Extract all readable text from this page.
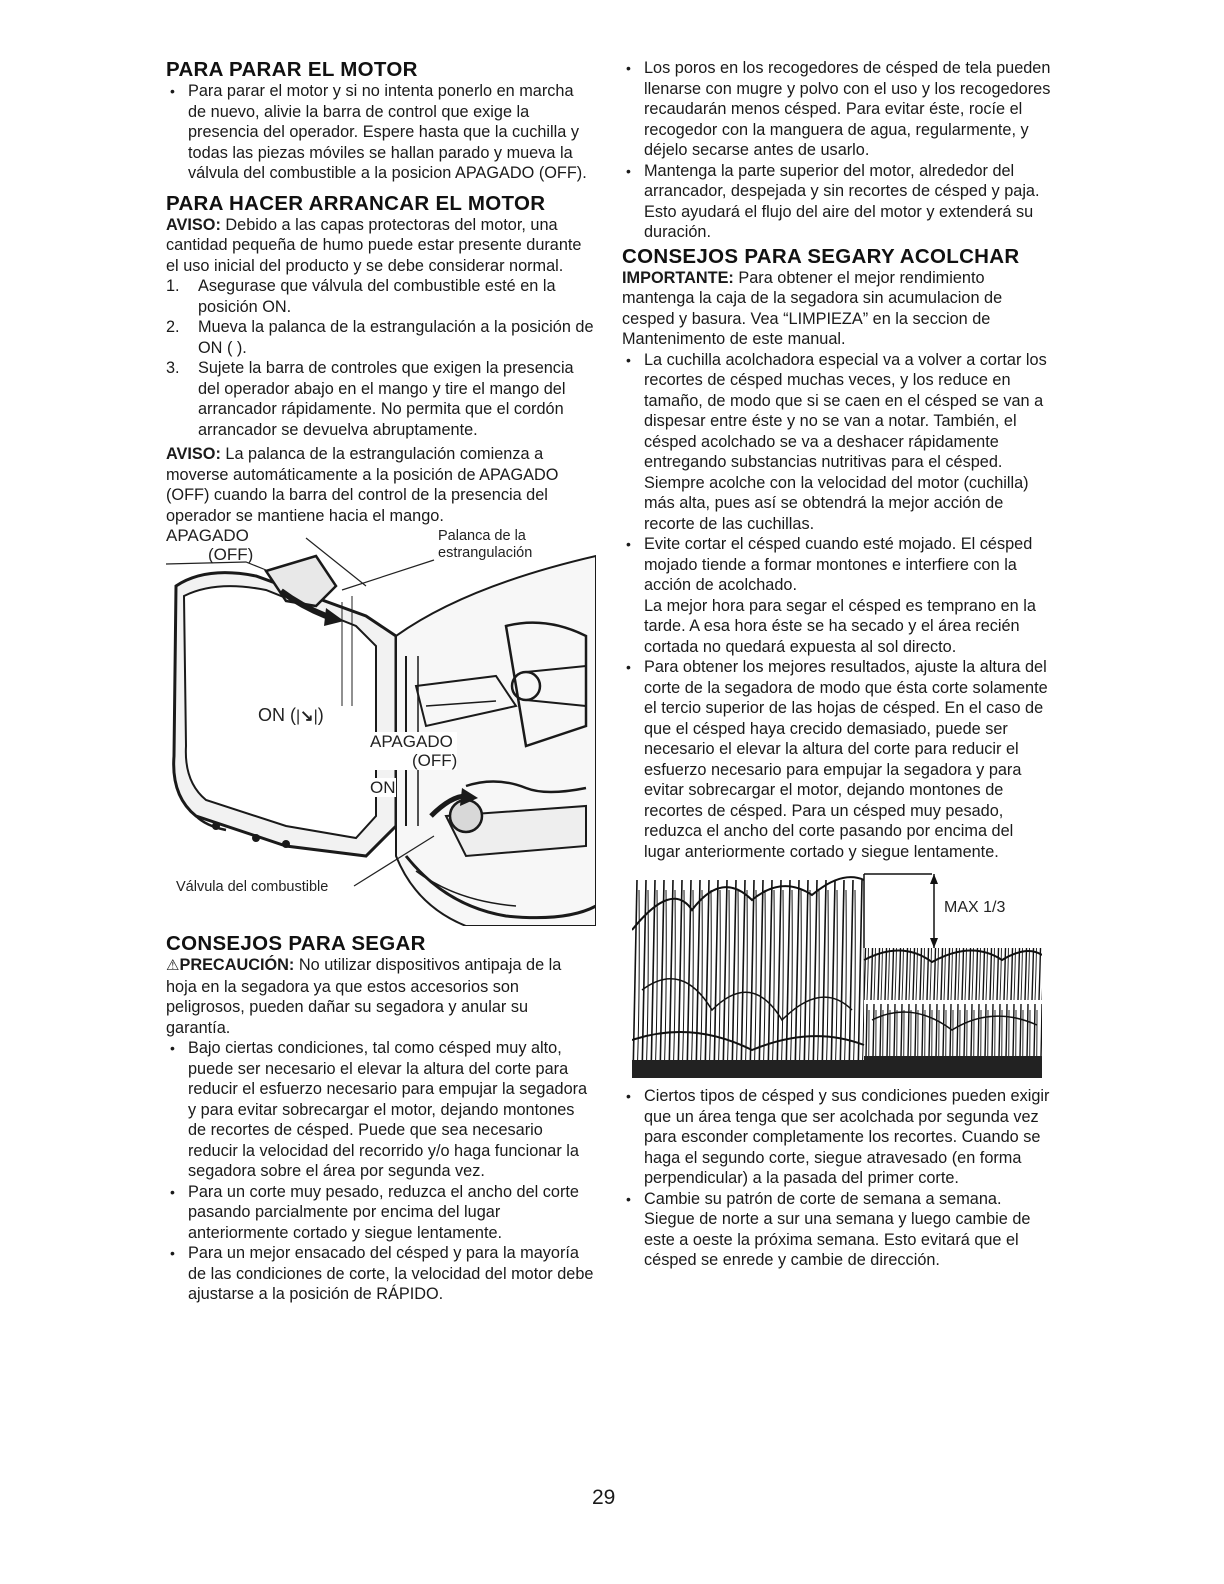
PARA PARAR EL MOTOR
• Para parar el motor y si no intenta ponerlo en marcha de nuevo, alivie la barra de control que exige la presencia del operador. Espere hasta que la cuchilla y todas las piezas móviles se hallan parado y mueva la válvula del combustible a la posicion APAGADO (OFF).
PARA HACER ARRANCAR EL MOTOR

AVISO: Debido a las capas protectoras del motor, una cantidad pequeña de humo puede estar presente durante el uso inicial del producto y se debe considerar normal.

1. Asegurase que válvula del combustible esté en la posición ON.
2. Mueva la palanca de la estrangulación a la posición de ON ( ).
3. Sujete la barra de controles que exigen la presencia del operador abajo en el mango y tire el mango del arrancador rápidamente. No permita que el cordón arrancador se devuelva abruptamente.

AVISO: La palanca de la estrangulación comienza a moverse automáticamente a la posición de APAGADO (OFF) cuando la barra del control de la presencia del operador se mantiene hacia el mango.

APAGADO
(OFF)
Palanca de la
estrangulación
ON (|↘|)
APAGADO
(OFF)
ON
Válvula del combustible
CONSEJOS PARA SEGAR

⚠PRECAUCIÓN: No utilizar dispositivos antipaja de la hoja en la segadora ya que estos accesorios son peligrosos, pueden dañar su segadora y anular su garantía.

• Bajo ciertas condiciones, tal como césped muy alto, puede ser necesario el elevar la altura del corte para reducir el esfuerzo necesario para empujar la segadora y para evitar sobrecargar el motor, dejando montones de recortes de césped. Puede que sea necesario reducir la velocidad del recorrido y/o haga funcionar la segadora sobre el área por segunda vez.
• Para un corte muy pesado, reduzca el ancho del corte pasando parcialmente por encima del lugar anteriormente cortado y siegue lentamente.
• Para un mejor ensacado del césped y para la mayoría de las condiciones de corte, la velocidad del motor debe ajustarse a la posición de RÁPIDO.
• Los poros en los recogedores de césped de tela pueden llenarse con mugre y polvo con el uso y los recogedores recaudarán menos césped. Para evitar éste, rocíe el recogedor con la manguera de agua, regularmente, y déjelo secarse antes de usarlo.
• Mantenga la parte superior del motor, alrededor del arrancador, despejada y sin recortes de césped y paja. Esto ayudará el flujo del aire del motor y extenderá su duración.
CONSEJOS PARA SEGARY ACOLCHAR

IMPORTANTE: Para obtener el mejor rendimiento mantenga la caja de la segadora sin acumulacion de cesped y basura. Vea “LIMPIEZA” en la seccion de Mantenimento de este manual.

• La cuchilla acolchadora especial va a volver a cortar los recortes de césped muchas veces, y los reduce en tamaño, de modo que si se caen en el césped se van a dispesar entre éste y no se van a notar. También, el césped acolchado se va a deshacer rápidamente entregando substancias nutritivas para el césped. Siempre acolche con la velocidad del motor (cuchilla) más alta, pues así se obtendrá la mejor acción de recorte de las cuchillas.
• Evite cortar el césped cuando esté mojado. El césped mojado tiende a formar montones e interfiere con la acción de acolchado.
La mejor hora para segar el césped es temprano en la tarde. A esa hora éste se ha secado y el área recién cortada no quedará expuesta al sol directo.
• Para obtener los mejores resultados, ajuste la altura del corte de la segadora de modo que ésta corte solamente el tercio superior de las hojas de césped. En el caso de que el césped haya crecido demasiado, puede ser necesario el elevar la altura del corte para reducir el esfuerzo necesario para empujar la segadora y para evitar sobrecargar el motor, dejando montones de recortes de césped. Para un césped muy pesado, reduzca el ancho del corte pasando por encima del lugar anteriormente cortado y siegue lentamente.
MAX 1/3
• Ciertos tipos de césped y sus condiciones pueden exigir que un área tenga que ser acolchada por segunda vez para esconder completamente los recortes. Cuando se haga el segundo corte, siegue atravesado (en forma perpendicular) a la pasada del primer corte.
• Cambie su patrón de corte de semana a semana. Siegue de norte a sur una semana y luego cambie de este a oeste la próxima semana. Esto evitará que el césped se enrede y cambie de dirección.
29
